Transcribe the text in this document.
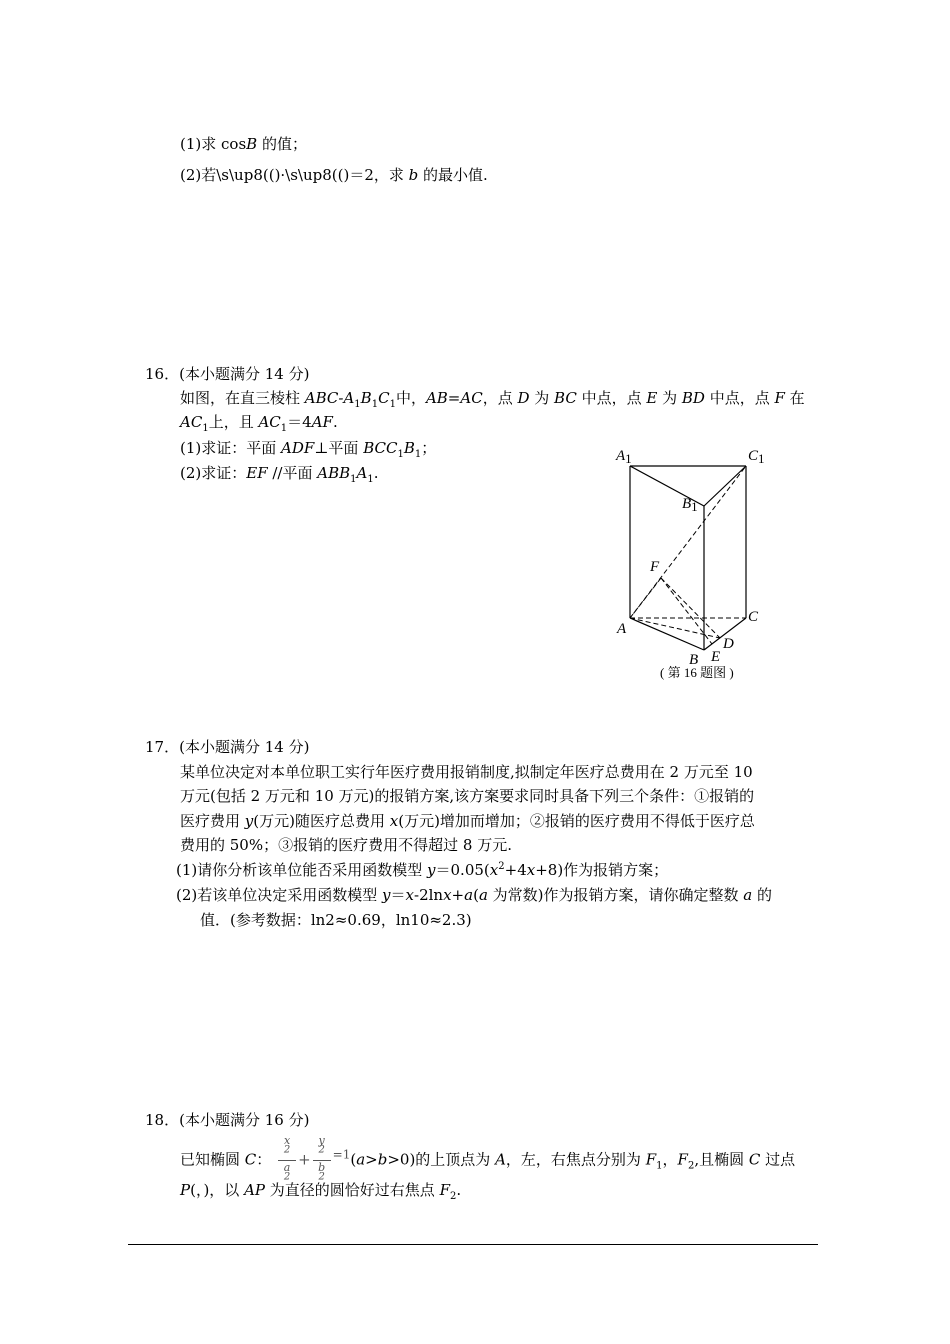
(1)求 cosB 的值；
(2)若\s\up8(()·\s\up8(()＝2，求 b 的最小值.
16．(本小题满分 14 分)
如图，在直三棱柱 ABC-$A_1B_1C_1$中，AB=AC，点 D 为 BC 中点，点 E 为 BD 中点，点 F 在
$AC_1$上，且 $AC_1=4AF$.
(1)求证：平面 ADF⊥平面 $BCC_1B_1$；
(2)求证：EF //平面 $ABB_1A_1$.
A1	C1
B1
F
A
C
D
E
B
( 第 16 题图 )
17．(本小题满分 14 分)
某单位决定对本单位职工实行年医疗费用报销制度,拟制定年医疗总费用在 2 万元至 10
万元(包括 2 万元和 10 万元)的报销方案,该方案要求同时具备下列三个条件：①报销的
医疗费用 y(万元)随医疗总费用 x(万元)增加而增加；②报销的医疗费用不得低于医疗总
费用的 50%；③报销的医疗费用不得超过 8 万元.
(1)请你分析该单位能否采用函数模型 $y=0.05(x^2+4x+8)$作为报销方案；
(2)若该单位决定采用函数模型 y＝x-2lnx+a(a 为常数)作为报销方案，请你确定整数 a 的
值．(参考数据：ln2≈0.69，ln10≈2.3)
18．(本小题满分 16 分)
已知椭圆 C： x
$^2$
a
$^2$ + y
$^2$
b
$^2$ $^{=1}$(a>b>0)的上顶点为 A，左，右焦点分别为 $F_1$，$F_2$,且椭圆 C 过点
P(，)，以 AP 为直径的圆恰好过右焦点 $F_2$.
